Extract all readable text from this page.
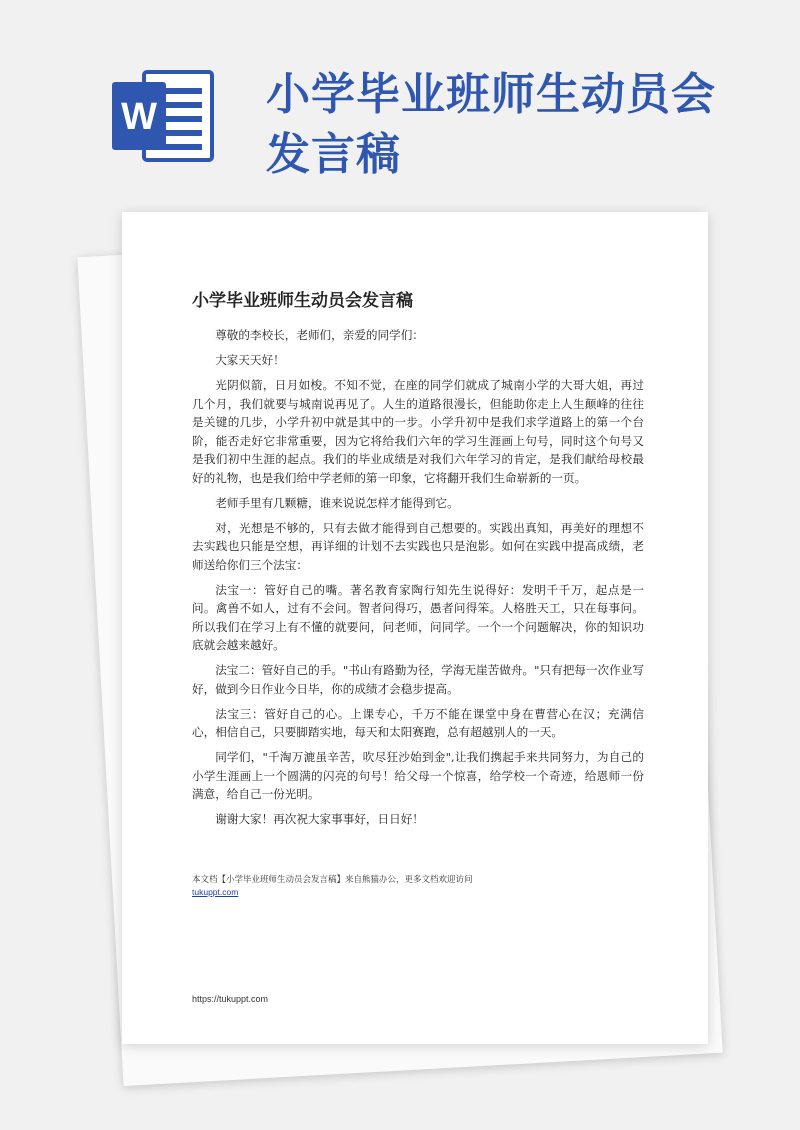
W 小学毕业班师生动员会
发言稿
小学毕业班师生动员会发言稿

尊敬的李校长，老师们，亲爱的同学们：

大家天天好！

光阴似箭，日月如梭。不知不觉，在座的同学们就成了城南小学的大哥大姐，再过几个月，我们就要与城南说再见了。人生的道路很漫长，但能助你走上人生颠峰的往往是关键的几步，小学升初中就是其中的一步。小学升初中是我们求学道路上的第一个台阶，能否走好它非常重要，因为它将给我们六年的学习生涯画上句号，同时这个句号又是我们初中生涯的起点。我们的毕业成绩是对我们六年学习的肯定，是我们献给母校最好的礼物，也是我们给中学老师的第一印象，它将翻开我们生命崭新的一页。

老师手里有几颗糖，谁来说说怎样才能得到它。

对，光想是不够的，只有去做才能得到自己想要的。实践出真知，再美好的理想不去实践也只能是空想，再详细的计划不去实践也只是泡影。如何在实践中提高成绩，老师送给你们三个法宝：

法宝一：管好自己的嘴。著名教育家陶行知先生说得好：发明千千万，起点是一问。禽兽不如人，过有不会问。智者问得巧，愚者问得笨。人格胜天工，只在每事问。所以我们在学习上有不懂的就要问，问老师，问同学。一个一个问题解决，你的知识功底就会越来越好。

法宝二：管好自己的手。"书山有路勤为径，学海无崖苦做舟。"只有把每一次作业写好，做到今日作业今日毕，你的成绩才会稳步提高。

法宝三：管好自己的心。上课专心，千万不能在课堂中身在曹营心在汉；充满信心，相信自己，只要脚踏实地，每天和太阳赛跑，总有超越别人的一天。

同学们，"千淘万漉虽辛苦，吹尽狂沙始到金",让我们携起手来共同努力，为自己的小学生涯画上一个圆满的闪亮的句号！给父母一个惊喜，给学校一个奇迹，给恩师一份满意，给自己一份光明。

谢谢大家！再次祝大家事事好，日日好！

本文档【小学毕业班师生动员会发言稿】来自熊猫办公，更多文档欢迎访问
tukuppt.com
https://tukuppt.com
